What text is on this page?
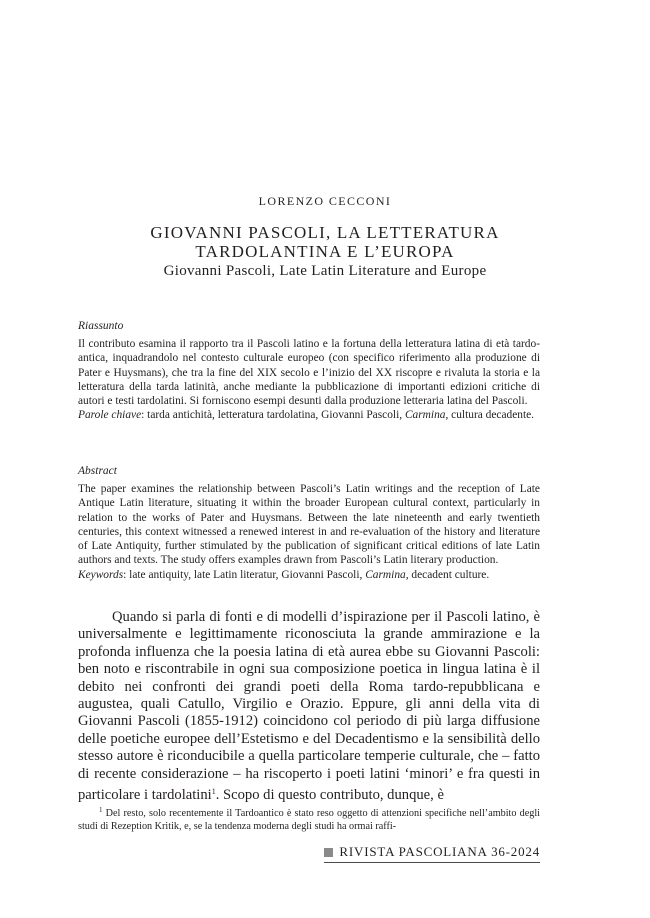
LORENZO CECCONI
GIOVANNI PASCOLI, LA LETTERATURA
TARDOLANTINA E L’EUROPA
Giovanni Pascoli, Late Latin Literature and Europe
Riassunto

Il contributo esamina il rapporto tra il Pascoli latino e la fortuna della letteratura latina di età tardo-antica, inquadrandolo nel contesto culturale europeo (con specifico riferimento alla produzione di Pater e Huysmans), che tra la fine del XIX secolo e l’inizio del XX riscopre e rivaluta la storia e la letteratura della tarda latinità, anche mediante la pubblicazione di importanti edizioni critiche di autori e testi tardolatini. Si forniscono esempi desunti dalla produzione letteraria latina del Pascoli.

Parole chiave: tarda antichità, letteratura tardolatina, Giovanni Pascoli, Carmina, cultura decadente.

Abstract

The paper examines the relationship between Pascoli’s Latin writings and the reception of Late Antique Latin literature, situating it within the broader European cultural context, particularly in relation to the works of Pater and Huysmans. Between the late nineteenth and early twentieth centuries, this context witnessed a renewed interest in and re-evaluation of the history and literature of Late Antiquity, further stimulated by the publication of significant critical editions of late Latin authors and texts. The study offers examples drawn from Pascoli’s Latin literary production.

Keywords: late antiquity, late Latin literatur, Giovanni Pascoli, Carmina, decadent culture.

Quando si parla di fonti e di modelli d’ispirazione per il Pascoli latino, è universalmente e legittimamente riconosciuta la grande ammirazione e la profonda influenza che la poesia latina di età aurea ebbe su Giovanni Pascoli: ben noto e riscontrabile in ogni sua composizione poetica in lingua latina è il debito nei confronti dei grandi poeti della Roma tardo-repubblicana e augustea, quali Catullo, Virgilio e Orazio. Eppure, gli anni della vita di Giovanni Pascoli (1855-1912) coincidono col periodo di più larga diffusione delle poetiche europee dell’Estetismo e del Decadentismo e la sensibilità dello stesso autore è riconducibile a quella particolare temperie culturale, che – fatto di recente considerazione – ha riscoperto i poeti latini ‘minori’ e fra questi in particolare i tardolatini$^1$. Scopo di questo contributo, dunque, è

$^1$ Del resto, solo recentemente il Tardoantico è stato reso oggetto di attenzioni specifiche nell’ambito degli studi di Rezeption Kritik, e, se la tendenza moderna degli studi ha ormai raffi-

RIVISTA PASCOLIANA 36-2024
